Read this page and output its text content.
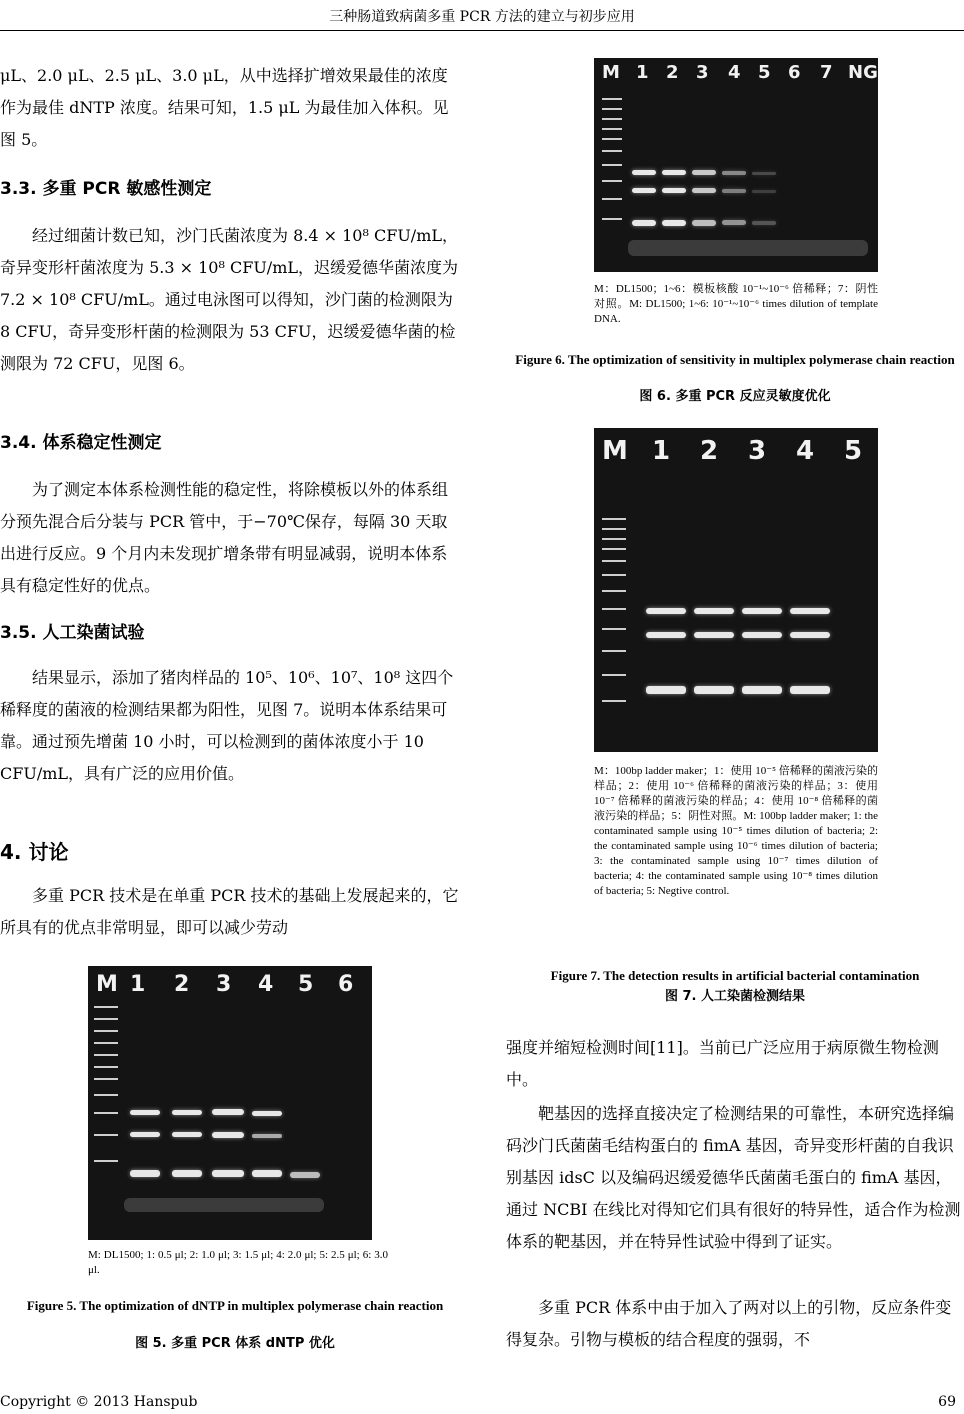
三种肠道致病菌多重 PCR 方法的建立与初步应用
μL、2.0 μL、2.5 μL、3.0 μL，从中选择扩增效果最佳的浓度作为最佳 dNTP 浓度。结果可知，1.5 μL 为最佳加入体积。见图 5。
3.3. 多重 PCR 敏感性测定
经过细菌计数已知，沙门氏菌浓度为 8.4 × 10⁸ CFU/mL，奇异变形杆菌浓度为 5.3 × 10⁸ CFU/mL，迟缓爱德华菌浓度为 7.2 × 10⁸ CFU/mL。通过电泳图可以得知，沙门菌的检测限为 8 CFU，奇异变形杆菌的检测限为 53 CFU，迟缓爱德华菌的检测限为 72 CFU，见图 6。
3.4. 体系稳定性测定
为了测定本体系检测性能的稳定性，将除模板以外的体系组分预先混合后分装与 PCR 管中，于−70℃保存，每隔 30 天取出进行反应。9 个月内未发现扩增条带有明显减弱，说明本体系具有稳定性好的优点。
3.5. 人工染菌试验
结果显示，添加了猪肉样品的 10⁵、10⁶、10⁷、10⁸ 这四个稀释度的菌液的检测结果都为阳性，见图 7。说明本体系结果可靠。通过预先增菌 10 小时，可以检测到的菌体浓度小于 10 CFU/mL，具有广泛的应用价值。
4. 讨论
多重 PCR 技术是在单重 PCR 技术的基础上发展起来的，它所具有的优点非常明显，即可以减少劳动
M 1 2 3 4 5 6
M: DL1500; 1: 0.5 μl; 2: 1.0 μl; 3: 1.5 μl; 4: 2.0 μl; 5: 2.5 μl; 6: 3.0 μl.
Figure 5. The optimization of dNTP in multiplex polymerase chain reaction
图 5. 多重 PCR 体系 dNTP 优化
M 1 2 3 4 5 6 7 NG
M：DL1500；1~6：模板核酸 10⁻¹~10⁻⁶ 倍稀释；7：阴性对照。M: DL1500; 1~6: 10⁻¹~10⁻⁶ times dilution of template DNA.
Figure 6. The optimization of sensitivity in multiplex polymerase chain reaction
图 6. 多重 PCR 反应灵敏度优化
M 1 2 3 4 5
M：100bp ladder maker；1：使用 10⁻⁵ 倍稀释的菌液污染的样品；2：使用 10⁻⁶ 倍稀释的菌液污染的样品；3：使用 10⁻⁷ 倍稀释的菌液污染的样品；4：使用 10⁻⁸ 倍稀释的菌液污染的样品；5：阴性对照。M: 100bp ladder maker; 1: the contaminated sample using 10⁻⁵ times dilution of bacteria; 2: the contaminated sample using 10⁻⁶ times dilution of bacteria; 3: the contaminated sample using 10⁻⁷ times dilution of bacteria; 4: the contaminated sample using 10⁻⁸ times dilution of bacteria; 5: Negtive control.
Figure 7. The detection results in artificial bacterial contamination
图 7. 人工染菌检测结果
强度并缩短检测时间[11]。当前已广泛应用于病原微生物检测中。
靶基因的选择直接决定了检测结果的可靠性，本研究选择编码沙门氏菌菌毛结构蛋白的 fimA 基因，奇异变形杆菌的自我识别基因 idsC 以及编码迟缓爱德华氏菌菌毛蛋白的 fimA 基因，通过 NCBI 在线比对得知它们具有很好的特异性，适合作为检测体系的靶基因，并在特异性试验中得到了证实。
多重 PCR 体系中由于加入了两对以上的引物，反应条件变得复杂。引物与模板的结合程度的强弱，不
Copyright © 2013 Hanspub	69
